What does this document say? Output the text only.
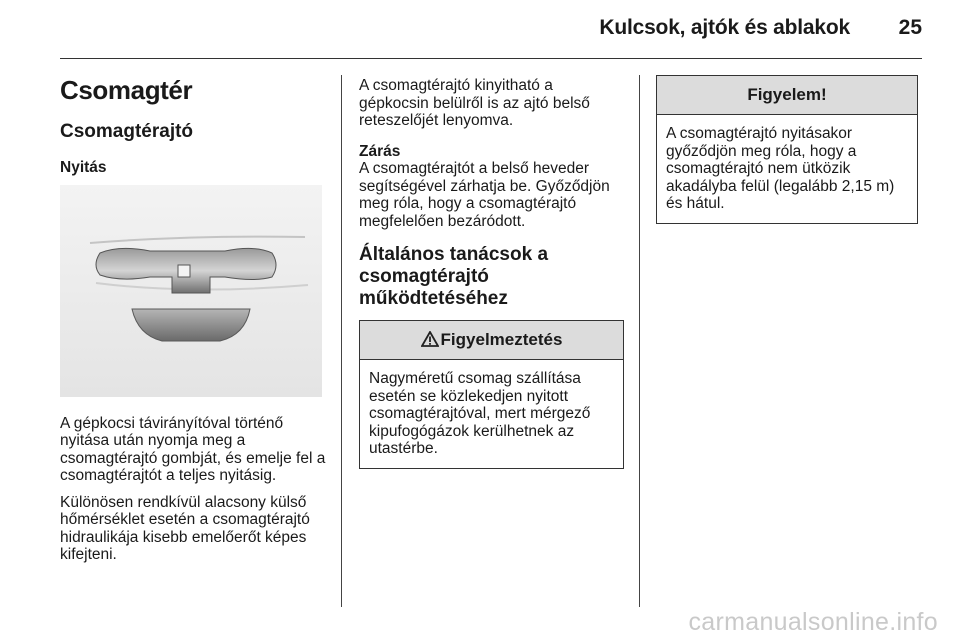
Kulcsok, ajtók és ablakok 25
Csomagtér
Csomagtérajtó
Nyitás

A gépkocsi távirányítóval történő nyitása után nyomja meg a csomagtérajtó gombját, és emelje fel a csomagtérajtót a teljes nyitásig.

Különösen rendkívül alacsony külső hőmérséklet esetén a csomagtérajtó hidraulikája kisebb emelőerőt képes kifejteni.

A csomagtérajtó kinyitható a gépkocsin belülről is az ajtó belső reteszelőjét lenyomva.

Zárás

A csomagtérajtót a belső heveder segítségével zárhatja be. Győződjön meg róla, hogy a csomagtérajtó megfelelően bezáródott.

Általános tanácsok a csomagtérajtó működtetéséhez
Figyelmeztetés
Nagyméretű csomag szállítása esetén se közlekedjen nyitott csomagtérajtóval, mert mérgező kipufogógázok kerülhetnek az utastérbe.
Figyelem!
A csomagtérajtó nyitásakor győződjön meg róla, hogy a csomagtérajtó nem ütközik akadályba felül (legalább 2,15 m) és hátul.
carmanualsonline.info
